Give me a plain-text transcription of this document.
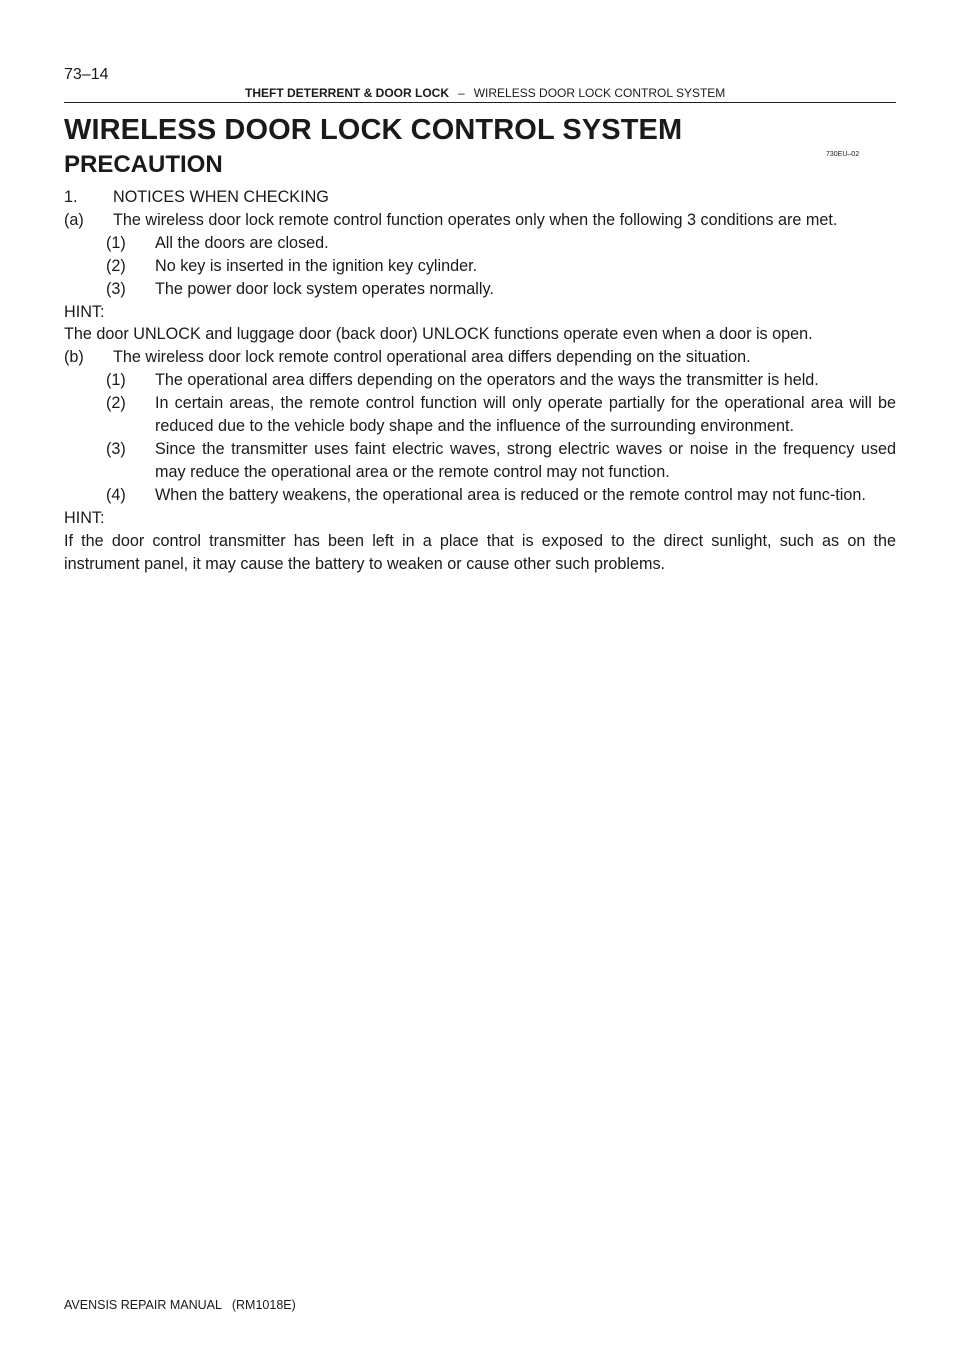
73–14
THEFT DETERRENT & DOOR LOCK – WIRELESS DOOR LOCK CONTROL SYSTEM
WIRELESS DOOR LOCK CONTROL SYSTEM
PRECAUTION	730EU–02
1.	NOTICES WHEN CHECKING
(a)	The wireless door lock remote control function operates only when the following 3 conditions are met.
(1)	All the doors are closed.
(2)	No key is inserted in the ignition key cylinder.
(3)	The power door lock system operates normally.
HINT:
The door UNLOCK and luggage door (back door) UNLOCK functions operate even when a door is open.
(b)	The wireless door lock remote control operational area differs depending on the situation.
(1)	The operational area differs depending on the operators and the ways the transmitter is held.
(2)	In certain areas, the remote control function will only operate partially for the operational area will be reduced due to the vehicle body shape and the influence of the surrounding environment.
(3)	Since the transmitter uses faint electric waves, strong electric waves or noise in the frequency used may reduce the operational area or the remote control may not function.
(4)	When the battery weakens, the operational area is reduced or the remote control may not func-tion.
HINT:
If the door control transmitter has been left in a place that is exposed to the direct sunlight, such as on the instrument panel, it may cause the battery to weaken or cause other such problems.
AVENSIS REPAIR MANUAL   (RM1018E)
